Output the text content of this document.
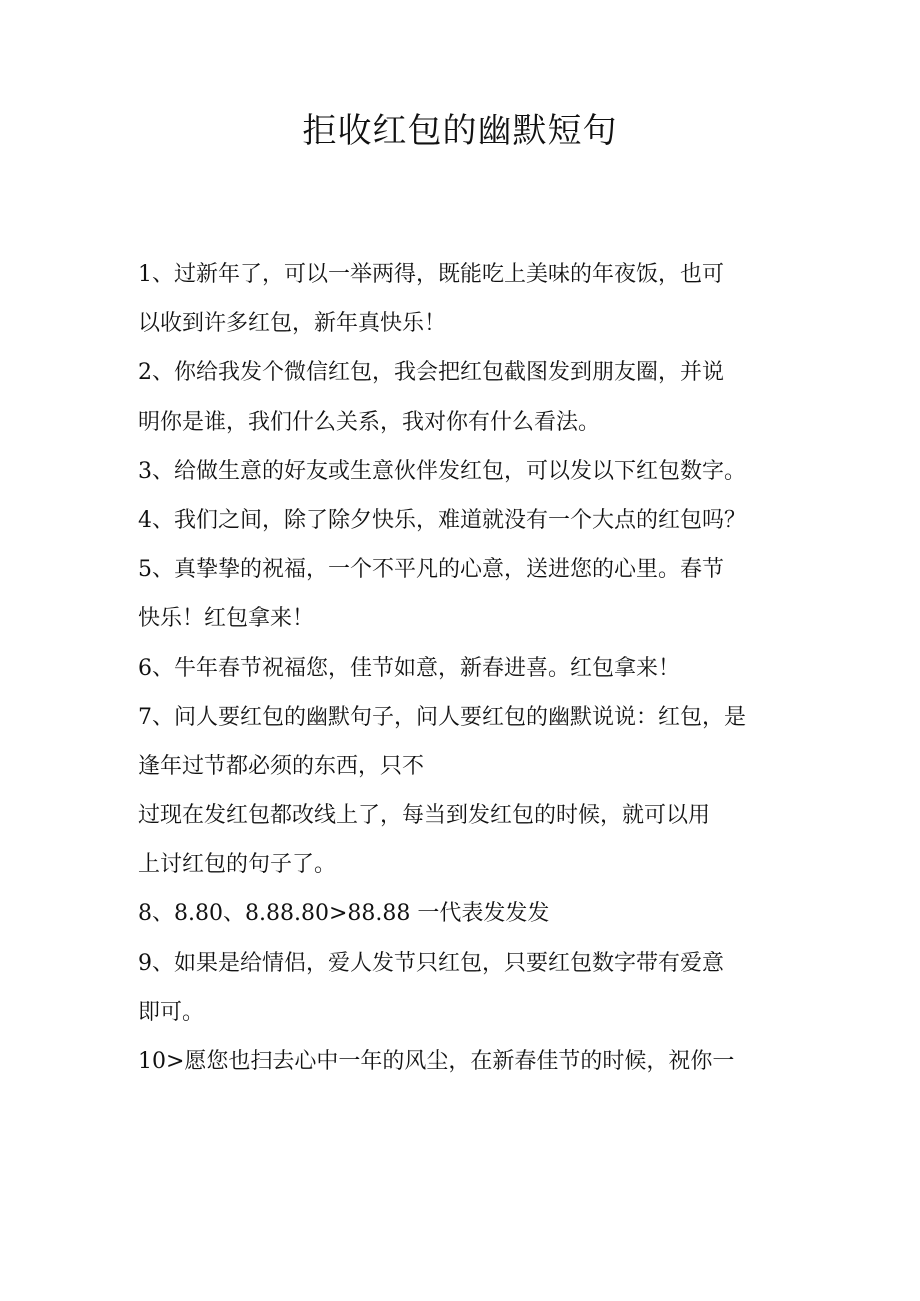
拒收红包的幽默短句

1、过新年了，可以一举两得，既能吃上美味的年夜饭，也可

以收到许多红包，新年真快乐！

2、你给我发个微信红包，我会把红包截图发到朋友圈，并说

明你是谁，我们什么关系，我对你有什么看法。

3、给做生意的好友或生意伙伴发红包，可以发以下红包数字。

4、我们之间，除了除夕快乐，难道就没有一个大点的红包吗？

5、真挚挚的祝福，一个不平凡的心意，送进您的心里。春节

快乐！红包拿来！

6、牛年春节祝福您，佳节如意，新春进喜。红包拿来！

7、问人要红包的幽默句子，问人要红包的幽默说说：红包，是

逢年过节都必须的东西，只不

过现在发红包都改线上了，每当到发红包的时候，就可以用

上讨红包的句子了。

8、8.80、8.88.80>88.88 一代表发发发

9、如果是给情侣，爱人发节只红包，只要红包数字带有爱意

即可。

10>愿您也扫去心中一年的风尘，在新春佳节的时候，祝你一
